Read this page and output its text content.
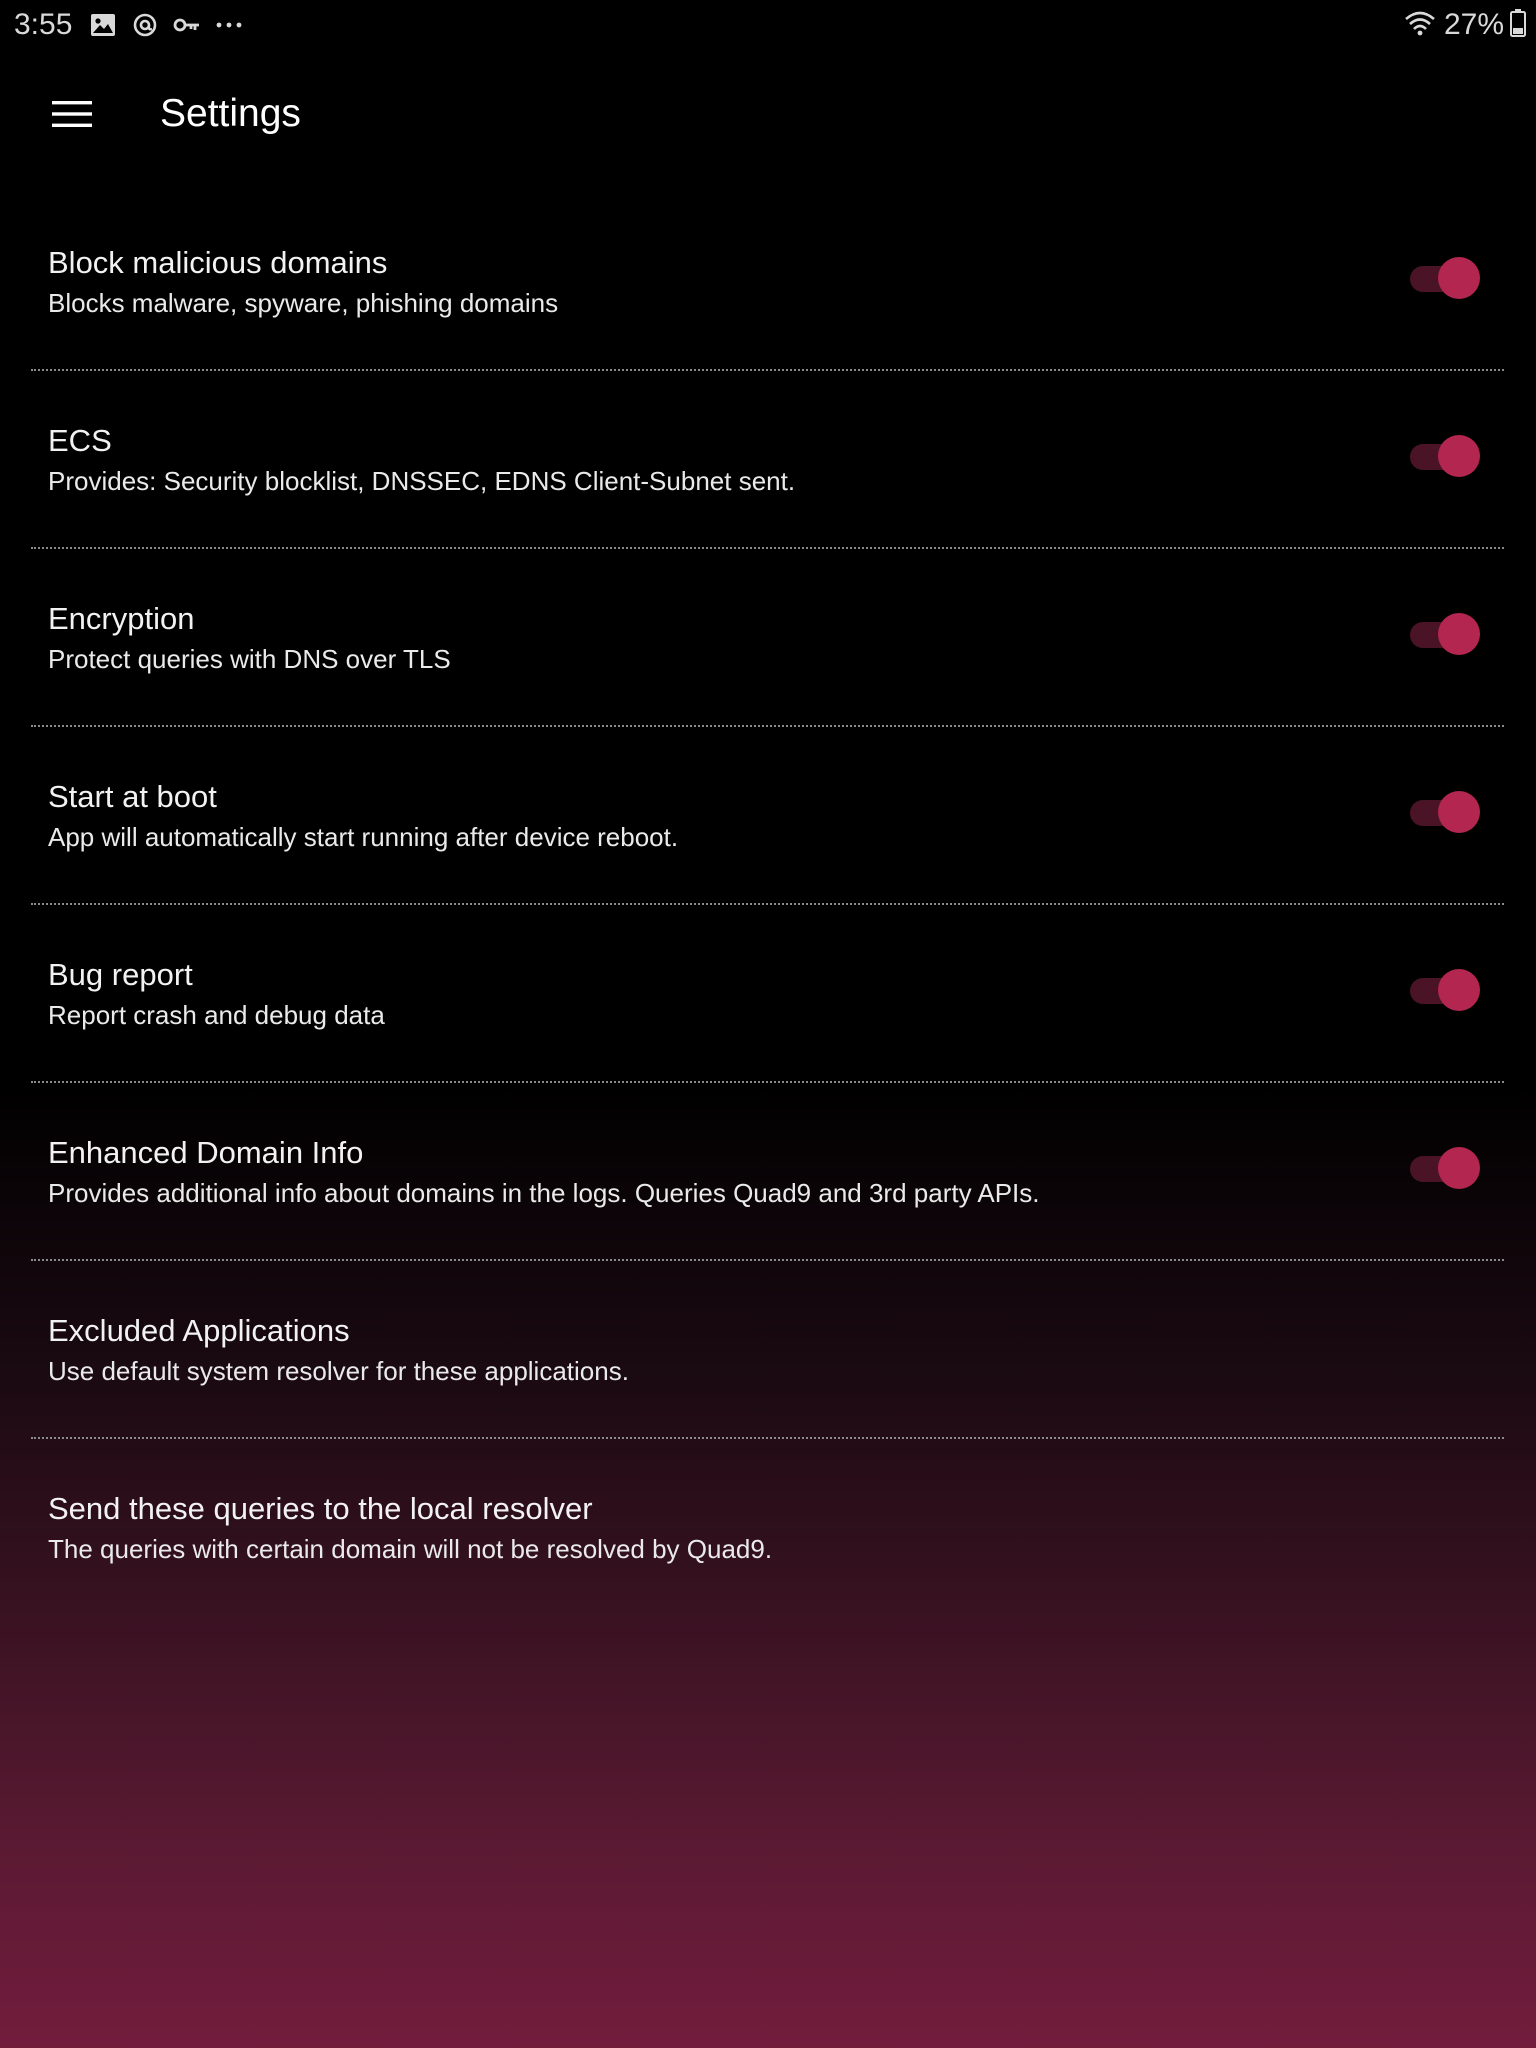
3:55	27%
Settings
Block malicious domains
Blocks malware, spyware, phishing domains
ECS
Provides: Security blocklist, DNSSEC, EDNS Client-Subnet sent.
Encryption
Protect queries with DNS over TLS
Start at boot
App will automatically start running after device reboot.
Bug report
Report crash and debug data
Enhanced Domain Info
Provides additional info about domains in the logs. Queries Quad9 and 3rd party APIs.
Excluded Applications
Use default system resolver for these applications.
Send these queries to the local resolver
The queries with certain domain will not be resolved by Quad9.
